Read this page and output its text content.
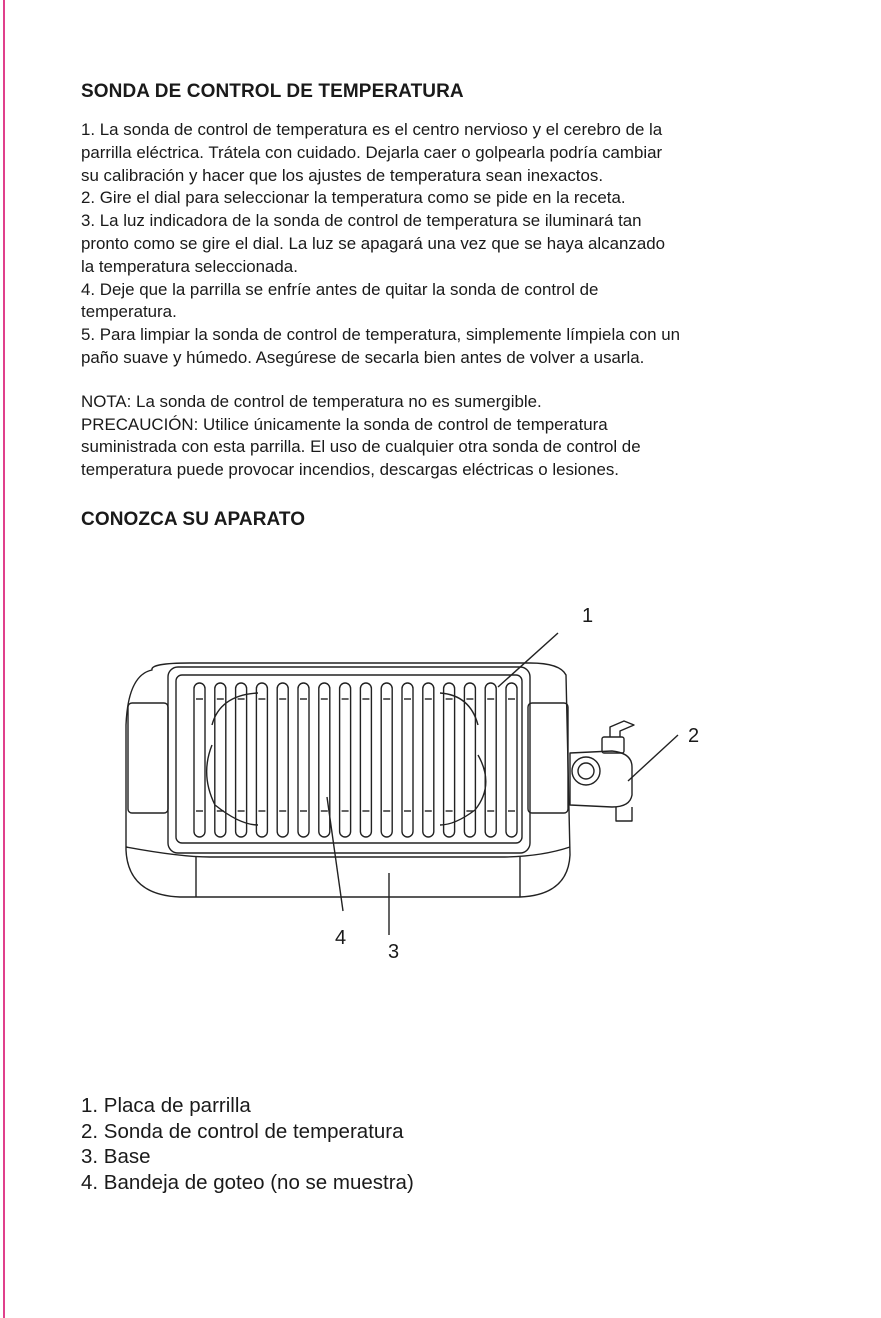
SONDA DE CONTROL DE TEMPERATURA

1. La sonda de control de temperatura es el centro nervioso y el cerebro de la

parrilla eléctrica. Trátela con cuidado. Dejarla caer o golpearla podría cambiar

su calibración y hacer que los ajustes de temperatura sean inexactos.

2. Gire el dial para seleccionar la temperatura como se pide en la receta.

3. La luz indicadora de la sonda de control de temperatura se iluminará tan

pronto como se gire el dial. La luz se apagará una vez que se haya alcanzado

la temperatura seleccionada.

4. Deje que la parrilla se enfríe antes de quitar la sonda de control de

temperatura.

5. Para limpiar la sonda de control de temperatura, simplemente límpiela con un

paño suave y húmedo. Asegúrese de secarla bien antes de volver a usarla.

NOTA: La sonda de control de temperatura no es sumergible.

PRECAUCIÓN: Utilice únicamente la sonda de control de temperatura

suministrada con esta parrilla. El uso de cualquier otra sonda de control de

temperatura puede provocar incendios, descargas eléctricas o lesiones.

CONOZCA SU APARATO
1
2
3
4
1. Placa de parrilla
2. Sonda de control de temperatura
3. Base
4. Bandeja de goteo (no se muestra)
